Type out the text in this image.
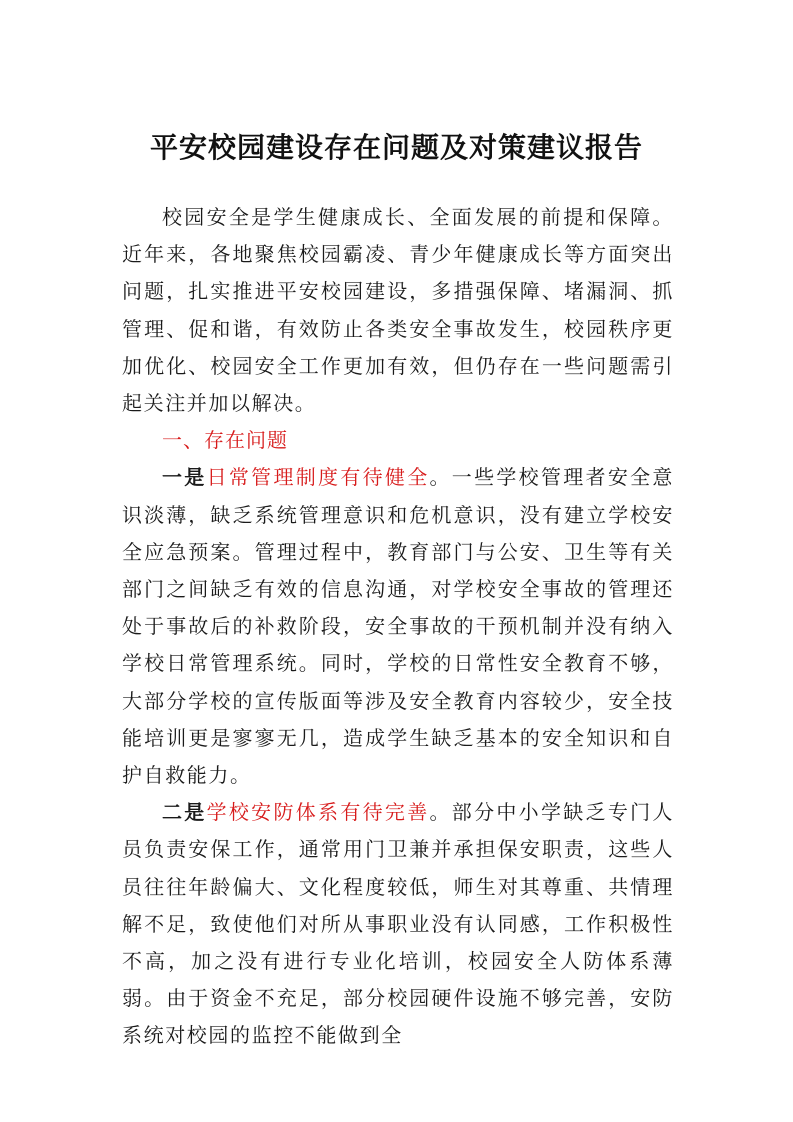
平安校园建设存在问题及对策建议报告

校园安全是学生健康成长、全面发展的前提和保障。近年来，各地聚焦校园霸凌、青少年健康成长等方面突出问题，扎实推进平安校园建设，多措强保障、堵漏洞、抓管理、促和谐，有效防止各类安全事故发生，校园秩序更加优化、校园安全工作更加有效，但仍存在一些问题需引起关注并加以解决。

一、存在问题

一是日常管理制度有待健全。一些学校管理者安全意识淡薄，缺乏系统管理意识和危机意识，没有建立学校安全应急预案。管理过程中，教育部门与公安、卫生等有关部门之间缺乏有效的信息沟通，对学校安全事故的管理还处于事故后的补救阶段，安全事故的干预机制并没有纳入学校日常管理系统。同时，学校的日常性安全教育不够，大部分学校的宣传版面等涉及安全教育内容较少，安全技能培训更是寥寥无几，造成学生缺乏基本的安全知识和自护自救能力。

二是学校安防体系有待完善。部分中小学缺乏专门人员负责安保工作，通常用门卫兼并承担保安职责，这些人员往往年龄偏大、文化程度较低，师生对其尊重、共情理解不足，致使他们对所从事职业没有认同感，工作积极性不高，加之没有进行专业化培训，校园安全人防体系薄弱。由于资金不充足，部分校园硬件设施不够完善，安防系统对校园的监控不能做到全
